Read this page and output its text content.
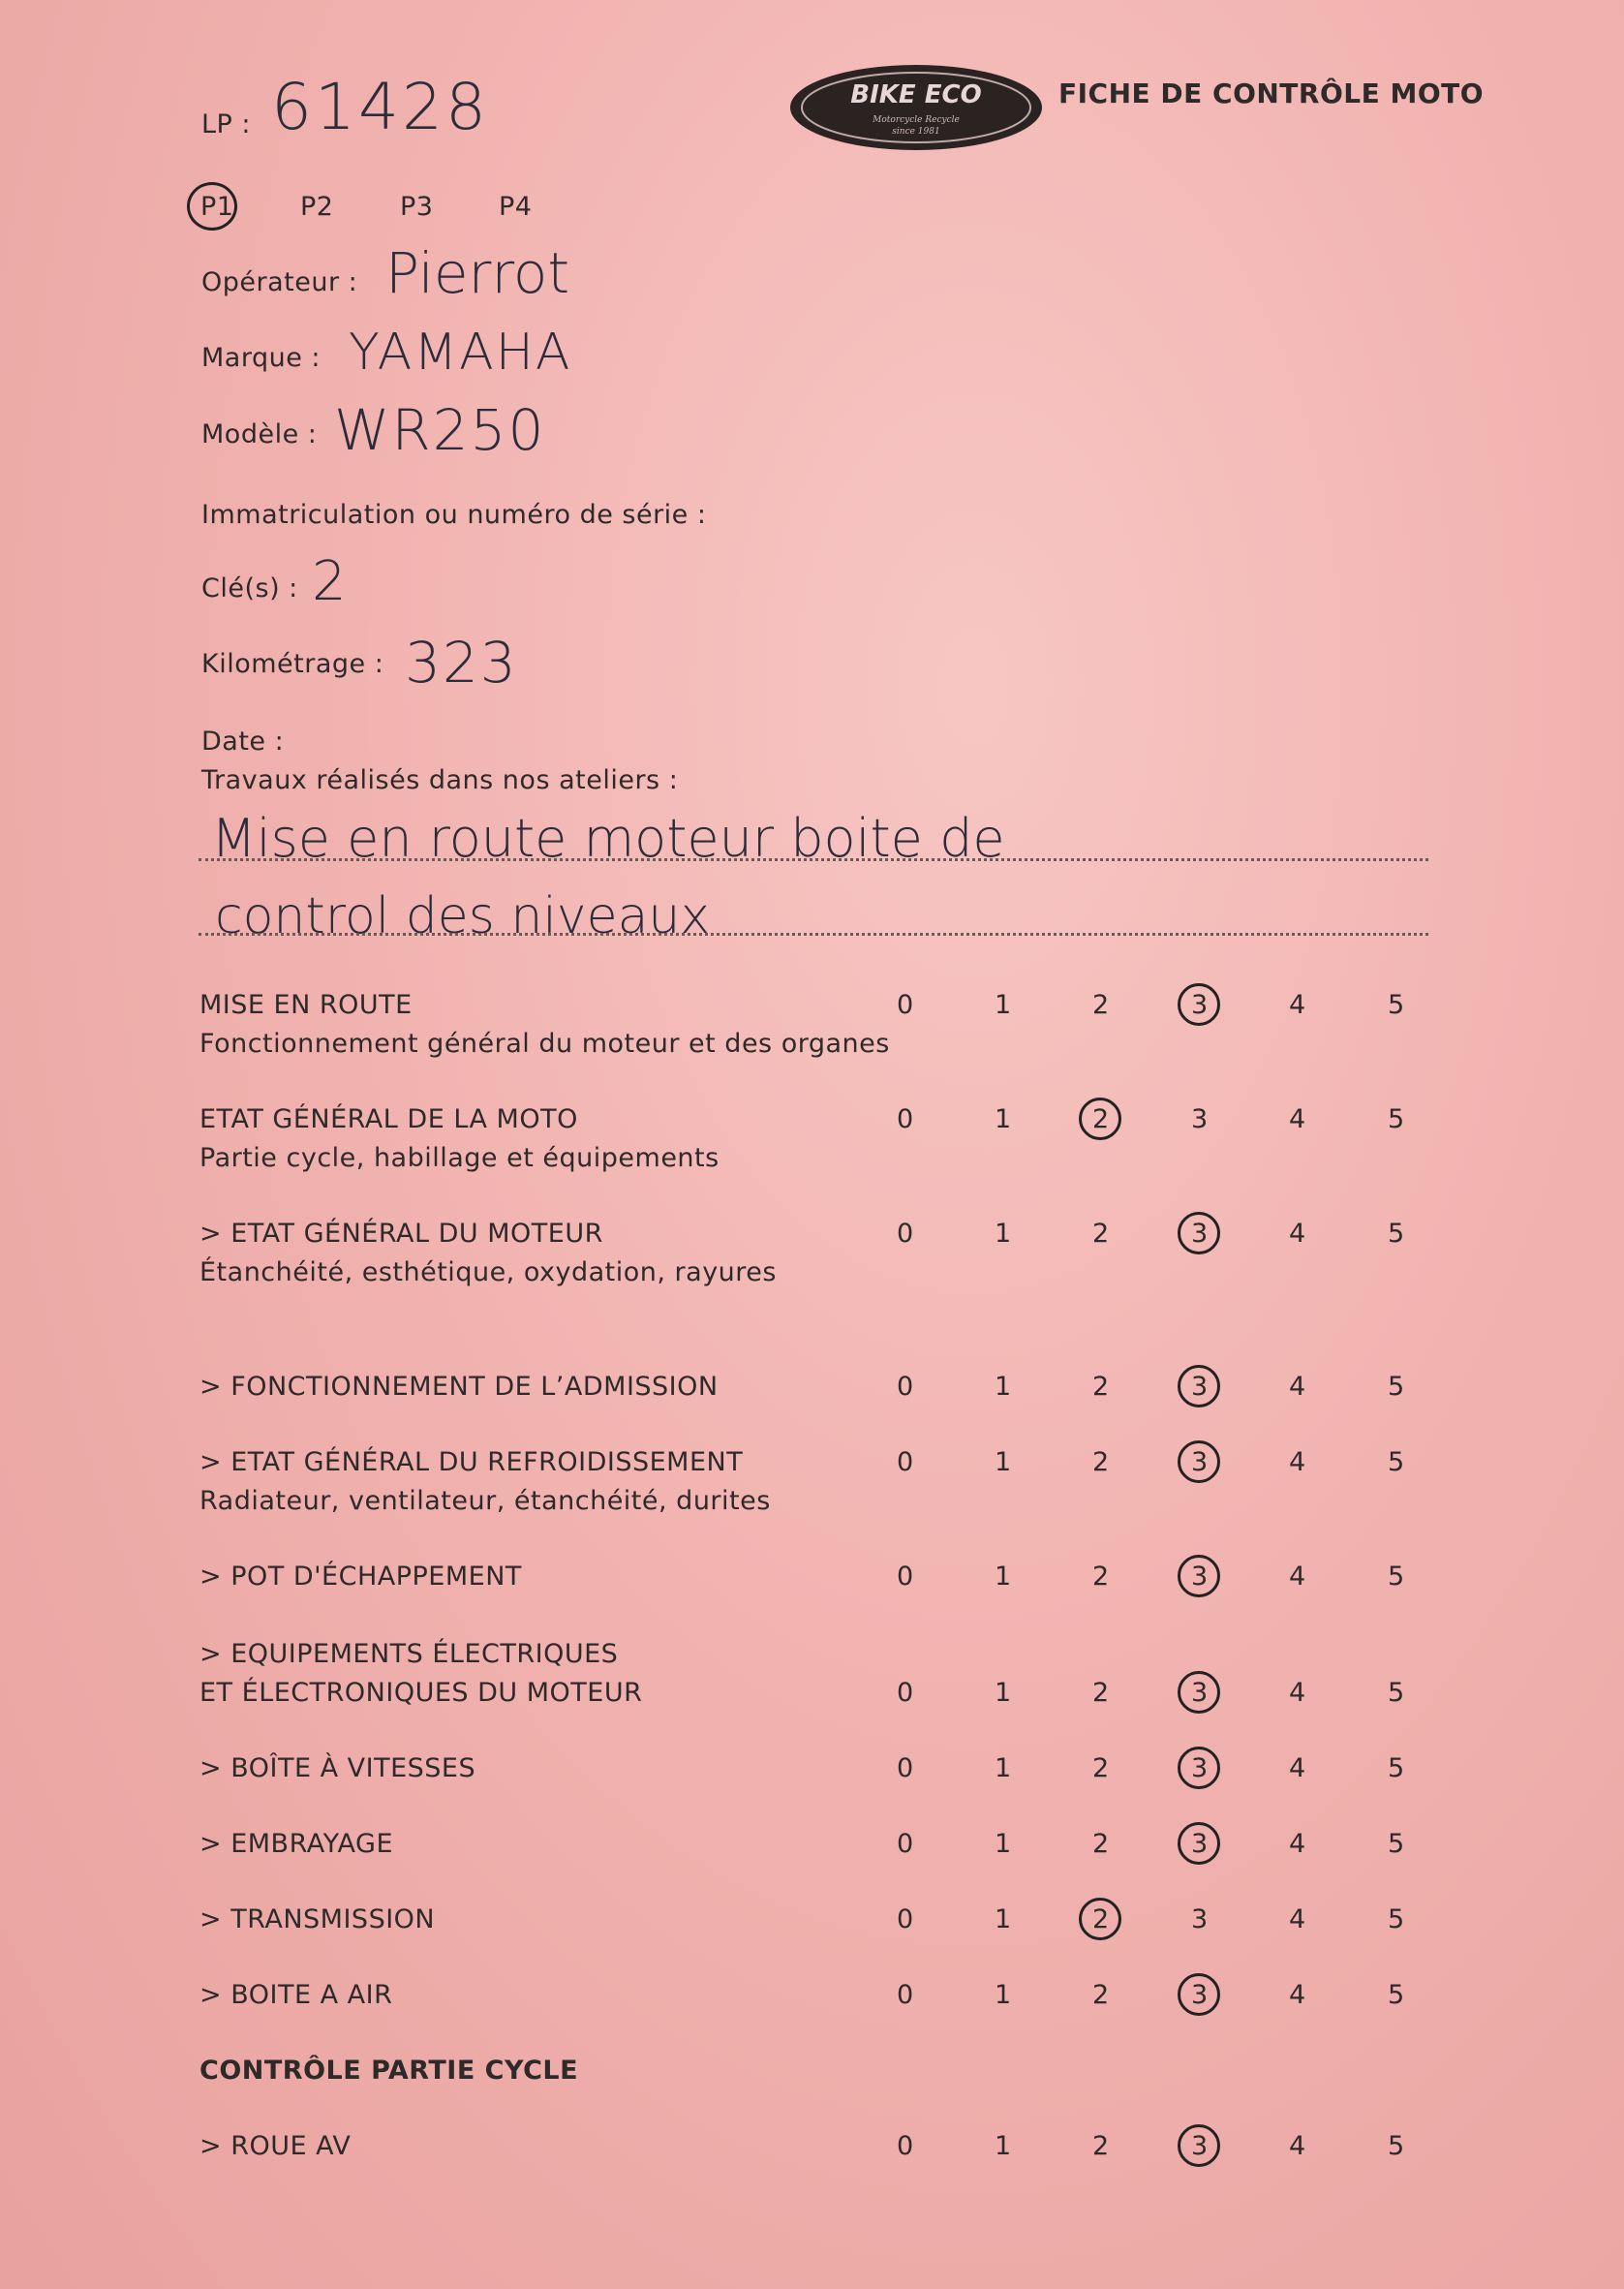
LP : 61428	BIKE ECO
Motorcycle Recycle
since 1981
FICHE DE CONTRÔLE MOTO
P1	P2	P3	P4
Opérateur : Pierrot
Marque : YAMAHA
Modèle : WR250
Immatriculation ou numéro de série :
Clé(s) : 2
Kilométrage : 323
Date :
Travaux réalisés dans nos ateliers :
Mise en route moteur boite de
control des niveaux
MISE EN ROUTE
Fonctionnement général du moteur et des organes
0	1	2	3	4	5
ETAT GÉNÉRAL DE LA MOTO
Partie cycle, habillage et équipements
0	1	2	3	4	5
> ETAT GÉNÉRAL DU MOTEUR
Étanchéité, esthétique, oxydation, rayures
0	1	2	3	4	5
> FONCTIONNEMENT DE L’ADMISSION	0	1	2	3	4	5
> ETAT GÉNÉRAL DU REFROIDISSEMENT
Radiateur, ventilateur, étanchéité, durites
0	1	2	3	4	5
> POT D'ÉCHAPPEMENT	0	1	2	3	4	5
> EQUIPEMENTS ÉLECTRIQUES
ET ÉLECTRONIQUES DU MOTEUR	0	1	2	3	4	5
> BOÎTE À VITESSES	0	1	2	3	4	5
> EMBRAYAGE	0	1	2	3	4	5
> TRANSMISSION	0	1	2	3	4	5
> BOITE A AIR	0	1	2	3	4	5
CONTRÔLE PARTIE CYCLE
> ROUE AV	0	1	2	3	4	5
